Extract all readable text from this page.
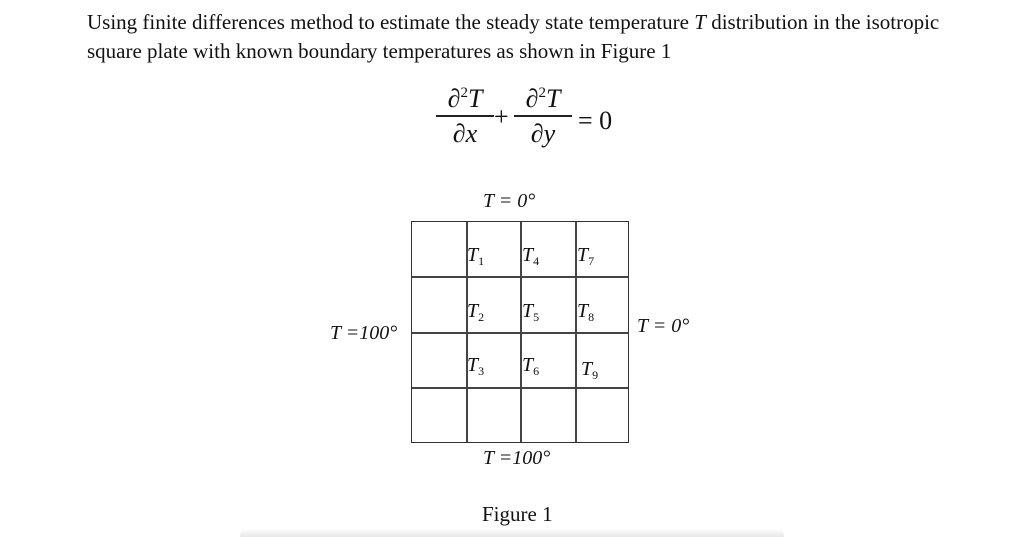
Using finite differences method to estimate the steady state temperature T distribution in the isotropic square plate with known boundary temperatures as shown in Figure 1
∂$^2$T
∂x
+
∂$^2$T
∂y = 0
T = 0°
T =100°	T = 0°
T =100°
$T_1$ $T_4$ $T_7$
$T_2$ $T_5$ $T_8$
$T_3$ $T_6$ $T_9$
Figure 1
